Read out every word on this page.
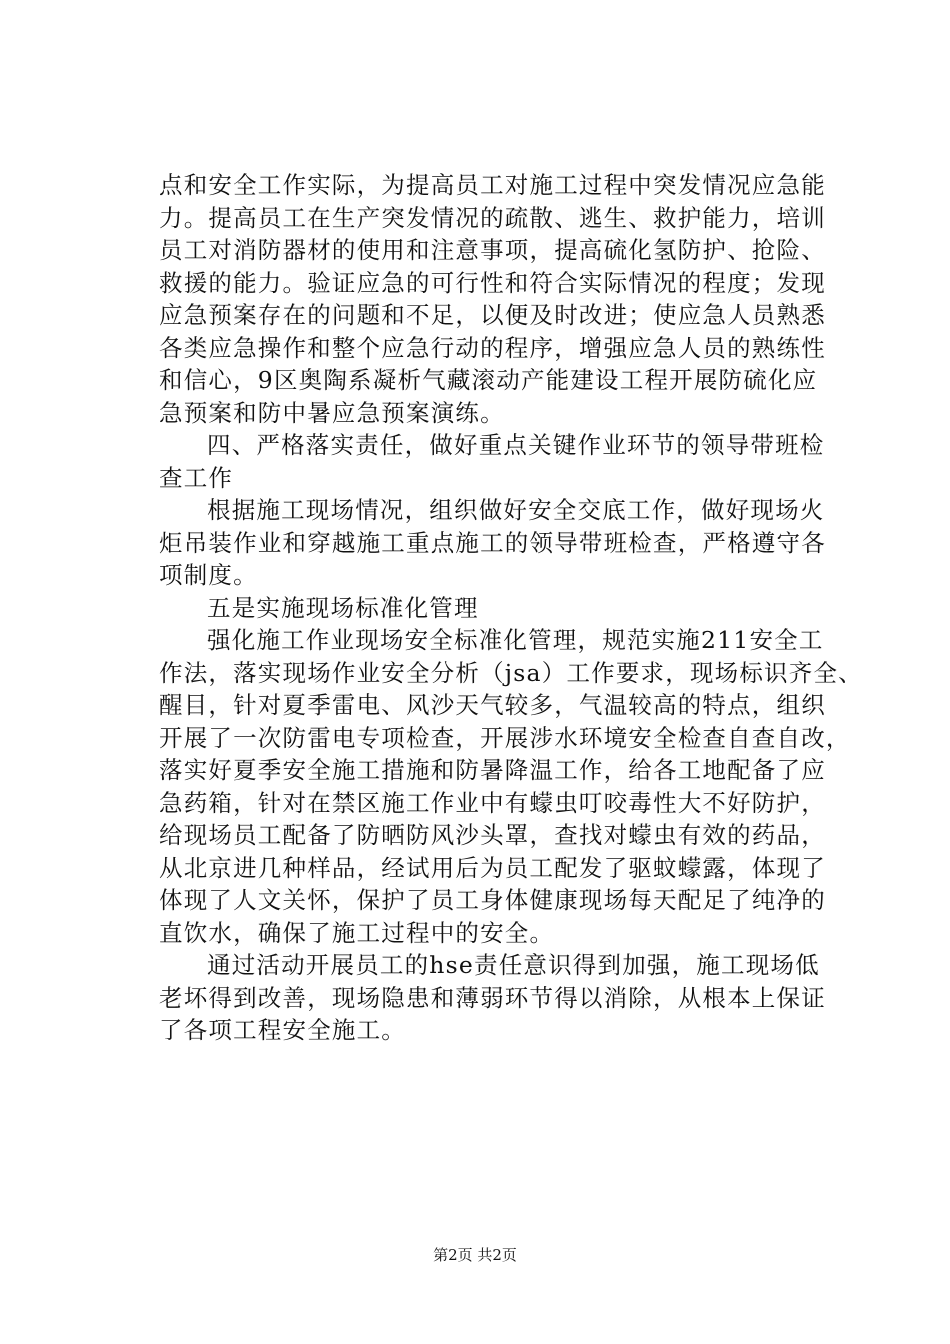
点和安全工作实际，为提高员工对施工过程中突发情况应急能
力。提高员工在生产突发情况的疏散、逃生、救护能力，培训
员工对消防器材的使用和注意事项，提高硫化氢防护、抢险、
救援的能力。验证应急的可行性和符合实际情况的程度；发现
应急预案存在的问题和不足，以便及时改进；使应急人员熟悉
各类应急操作和整个应急行动的程序，增强应急人员的熟练性
和信心，9区奥陶系凝析气藏滚动产能建设工程开展防硫化应
急预案和防中暑应急预案演练。
四、严格落实责任，做好重点关键作业环节的领导带班检
查工作
根据施工现场情况，组织做好安全交底工作，做好现场火
炬吊装作业和穿越施工重点施工的领导带班检查，严格遵守各
项制度。
五是实施现场标准化管理
强化施工作业现场安全标准化管理，规范实施211安全工
作法，落实现场作业安全分析（jsa）工作要求，现场标识齐全、
醒目，针对夏季雷电、风沙天气较多，气温较高的特点，组织
开展了一次防雷电专项检查，开展涉水环境安全检查自查自改，
落实好夏季安全施工措施和防暑降温工作，给各工地配备了应
急药箱，针对在禁区施工作业中有蠓虫叮咬毒性大不好防护，
给现场员工配备了防晒防风沙头罩，查找对蠓虫有效的药品，
从北京进几种样品，经试用后为员工配发了驱蚊蠓露，体现了
体现了人文关怀，保护了员工身体健康现场每天配足了纯净的
直饮水，确保了施工过程中的安全。
通过活动开展员工的hse责任意识得到加强，施工现场低
老坏得到改善，现场隐患和薄弱环节得以消除，从根本上保证
了各项工程安全施工。
第2页 共2页
